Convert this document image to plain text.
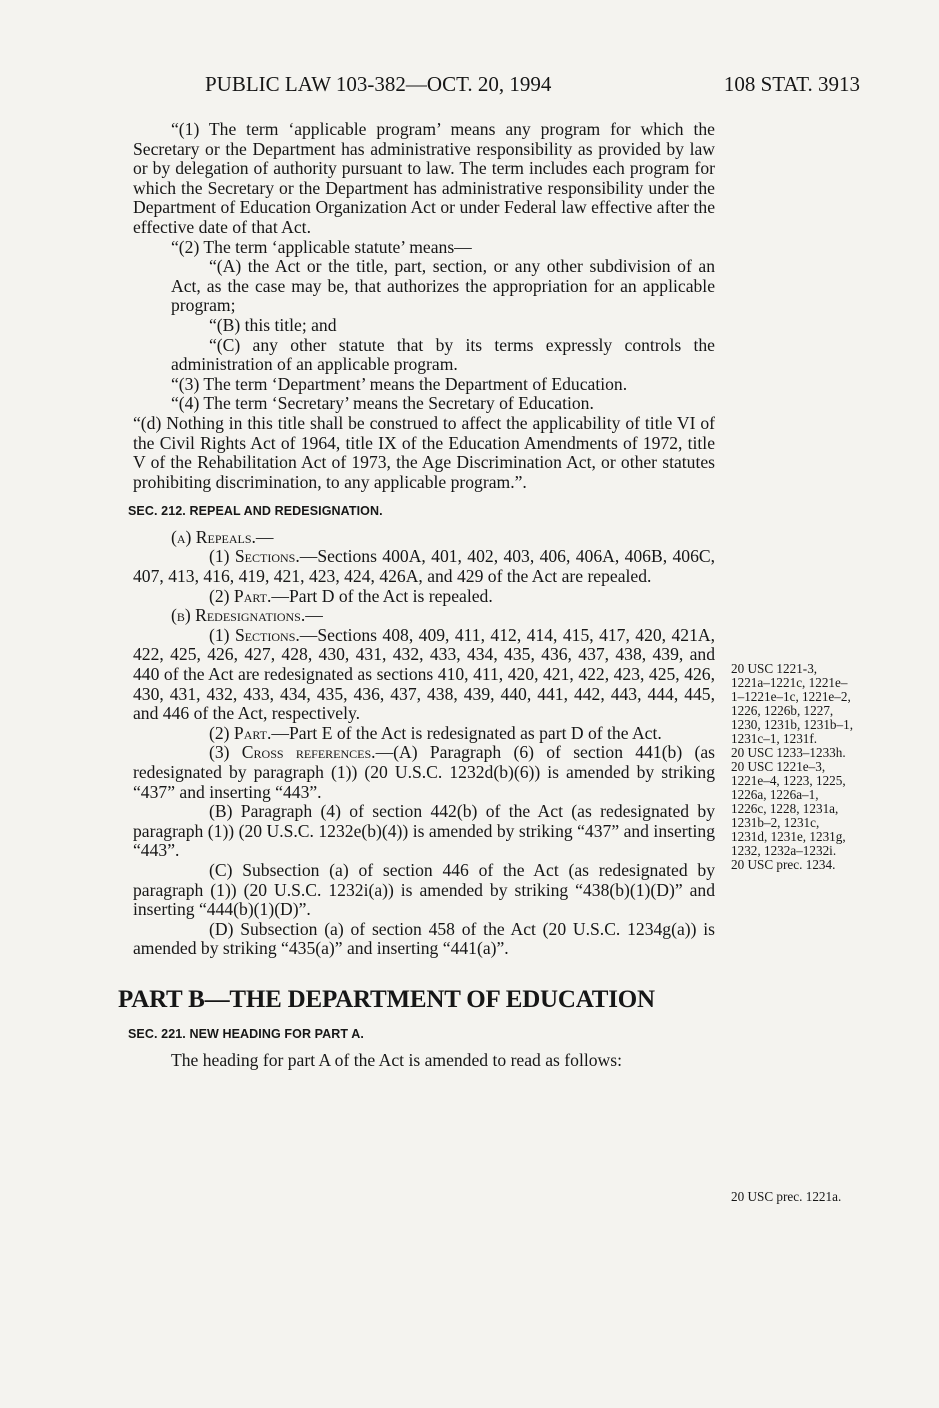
PUBLIC LAW 103-382—OCT. 20, 1994	108 STAT. 3913

“(1) The term ‘applicable program’ means any program for which the Secretary or the Department has administrative responsibility as provided by law or by delegation of authority pursuant to law. The term includes each program for which the Secretary or the Department has administrative responsibility under the Department of Education Organization Act or under Federal law effective after the effective date of that Act.

“(2) The term ‘applicable statute’ means—

“(A) the Act or the title, part, section, or any other subdivision of an Act, as the case may be, that authorizes the appropriation for an applicable program;

“(B) this title; and

“(C) any other statute that by its terms expressly controls the administration of an applicable program.

“(3) The term ‘Department’ means the Department of Education.

“(4) The term ‘Secretary’ means the Secretary of Education.

“(d) Nothing in this title shall be construed to affect the applicability of title VI of the Civil Rights Act of 1964, title IX of the Education Amendments of 1972, title V of the Rehabilitation Act of 1973, the Age Discrimination Act, or other statutes prohibiting discrimination, to any applicable program.”.

SEC. 212. REPEAL AND REDESIGNATION.

(a) Repeals.—

(1) Sections.—Sections 400A, 401, 402, 403, 406, 406A, 406B, 406C, 407, 413, 416, 419, 421, 423, 424, 426A, and 429 of the Act are repealed.

(2) Part.—Part D of the Act is repealed.

(b) Redesignations.—

(1) Sections.—Sections 408, 409, 411, 412, 414, 415, 417, 420, 421A, 422, 425, 426, 427, 428, 430, 431, 432, 433, 434, 435, 436, 437, 438, 439, and 440 of the Act are redesignated as sections 410, 411, 420, 421, 422, 423, 425, 426, 430, 431, 432, 433, 434, 435, 436, 437, 438, 439, 440, 441, 442, 443, 444, 445, and 446 of the Act, respectively.

(2) Part.—Part E of the Act is redesignated as part D of the Act.

(3) Cross references.—(A) Paragraph (6) of section 441(b) (as redesignated by paragraph (1)) (20 U.S.C. 1232d(b)(6)) is amended by striking “437” and inserting “443”.

(B) Paragraph (4) of section 442(b) of the Act (as redesignated by paragraph (1)) (20 U.S.C. 1232e(b)(4)) is amended by striking “437” and inserting “443”.

(C) Subsection (a) of section 446 of the Act (as redesignated by paragraph (1)) (20 U.S.C. 1232i(a)) is amended by striking “438(b)(1)(D)” and inserting “444(b)(1)(D)”.

(D) Subsection (a) of section 458 of the Act (20 U.S.C. 1234g(a)) is amended by striking “435(a)” and inserting “441(a)”.

PART B—THE DEPARTMENT OF EDUCATION

SEC. 221. NEW HEADING FOR PART A.

The heading for part A of the Act is amended to read as follows:

20 USC 1221-3, 1221a–1221c, 1221e–1–1221e–1c, 1221e–2, 1226, 1226b, 1227, 1230, 1231b, 1231b–1, 1231c–1, 1231f.

20 USC 1233–1233h.

20 USC 1221e–3, 1221e–4, 1223, 1225, 1226a, 1226a–1, 1226c, 1228, 1231a, 1231b–2, 1231c, 1231d, 1231e, 1231g, 1232, 1232a–1232i.

20 USC prec. 1234.

20 USC prec. 1221a.
